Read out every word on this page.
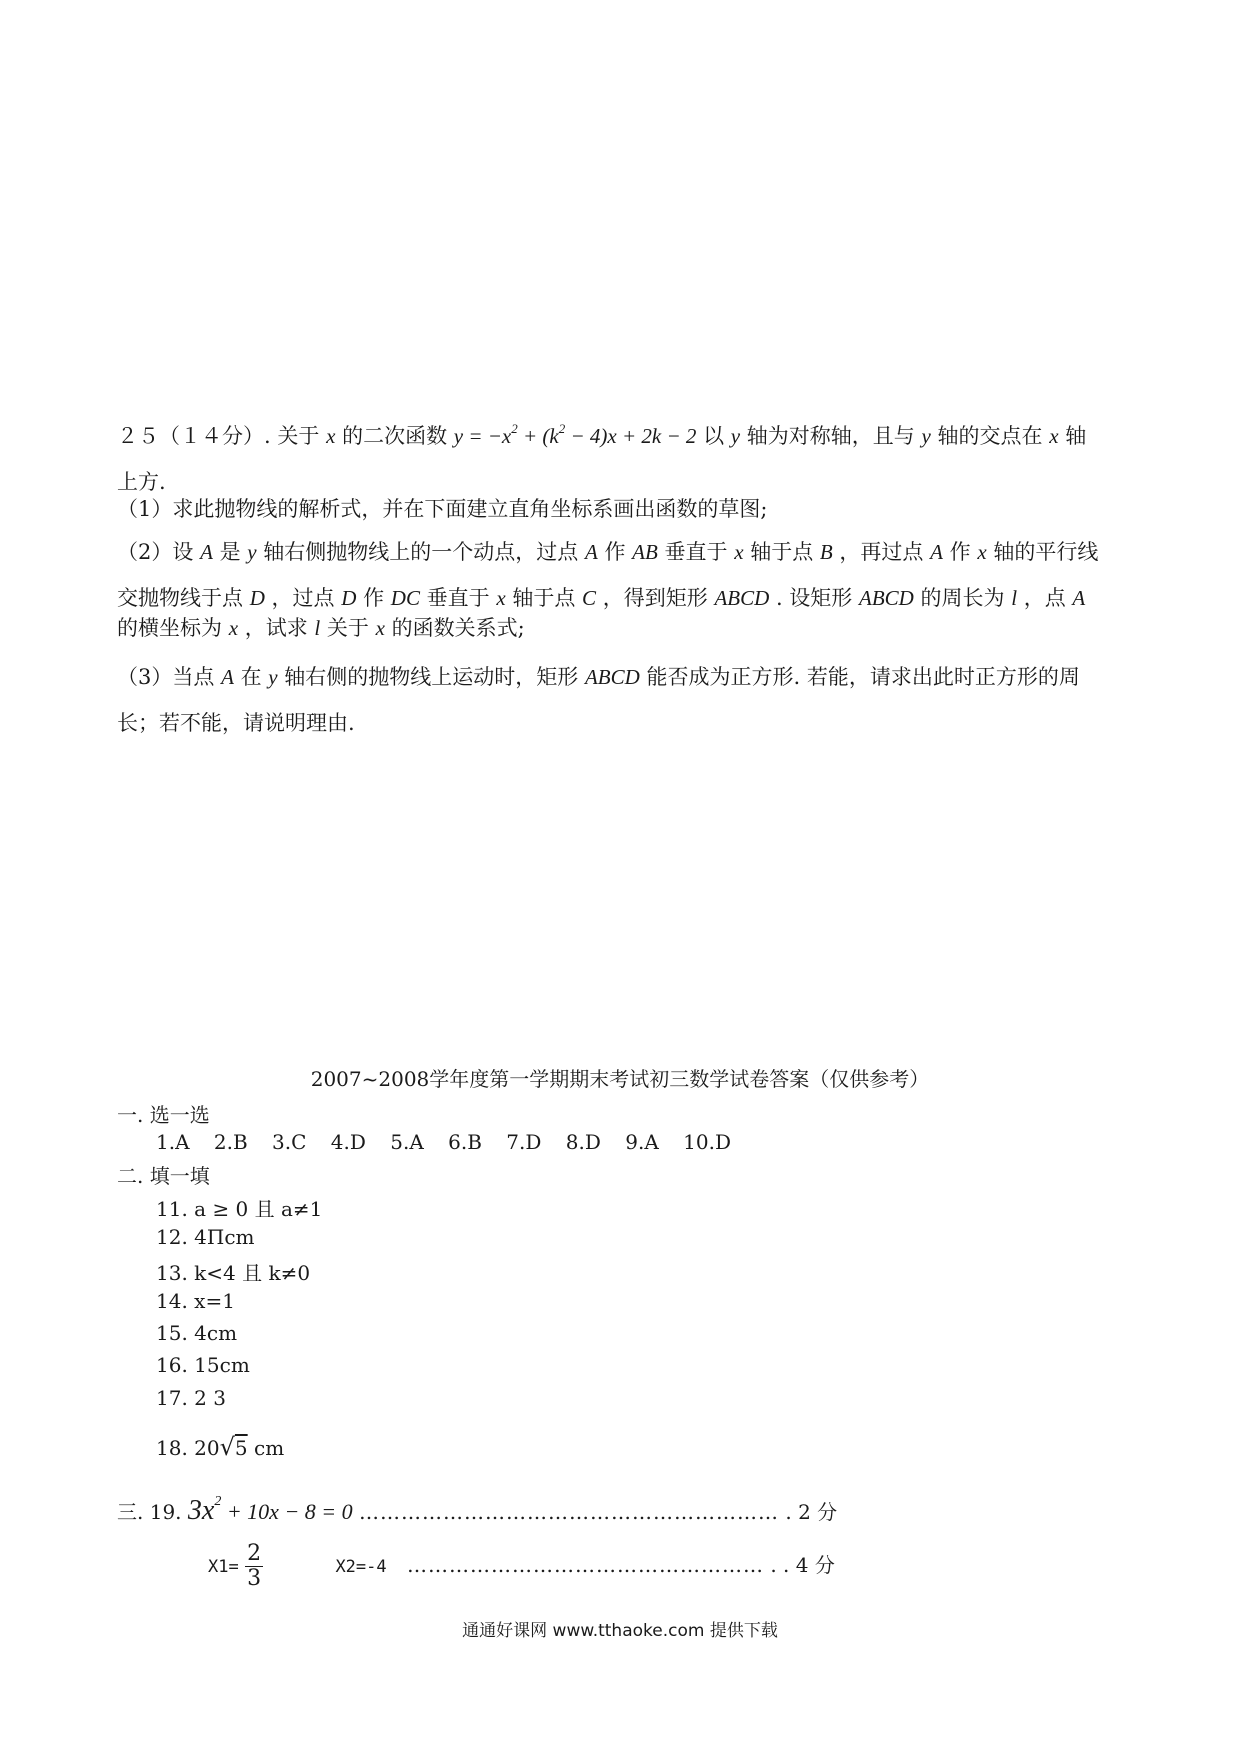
２５（１４分）. 关于 x 的二次函数 $y = -x^2 + (k^2 - 4)x + 2k - 2$ 以 y 轴为对称轴，且与 y 轴的交点在 x 轴
上方.
（1）求此抛物线的解析式，并在下面建立直角坐标系画出函数的草图;
（2）设 A 是 y 轴右侧抛物线上的一个动点，过点 A 作 AB 垂直于 x 轴于点 B ，再过点 A 作 x 轴的平行线
交抛物线于点 D ，过点 D 作 DC 垂直于 x 轴于点 C ，得到矩形 ABCD . 设矩形 ABCD 的周长为 l ，点 A
的横坐标为 x ，试求 l 关于 x 的函数关系式;
（3）当点 A 在 y 轴右侧的抛物线上运动时，矩形 ABCD 能否成为正方形. 若能，请求出此时正方形的周
长；若不能，请说明理由.
2007~2008学年度第一学期期末考试初三数学试卷答案（仅供参考）
一. 选一选
1.A 2.B 3.C 4.D 5.A 6.B 7.D 8.D 9.A 10.D
二. 填一填
11. a ≥ 0 且 a≠1
12. 4Πcm
13. k<4 且 k≠0
14. x=1
15. 4cm
16. 15cm
17. 2 3
18. 20√5 cm
三. 19. $3x^2 + 10x - 8 = 0$ …………………………………………………… . 2 分
$X1= \frac{2}{3}$	X2=-4 …………………………………………… . . 4 分
通通好课网 www.tthaoke.com 提供下载
